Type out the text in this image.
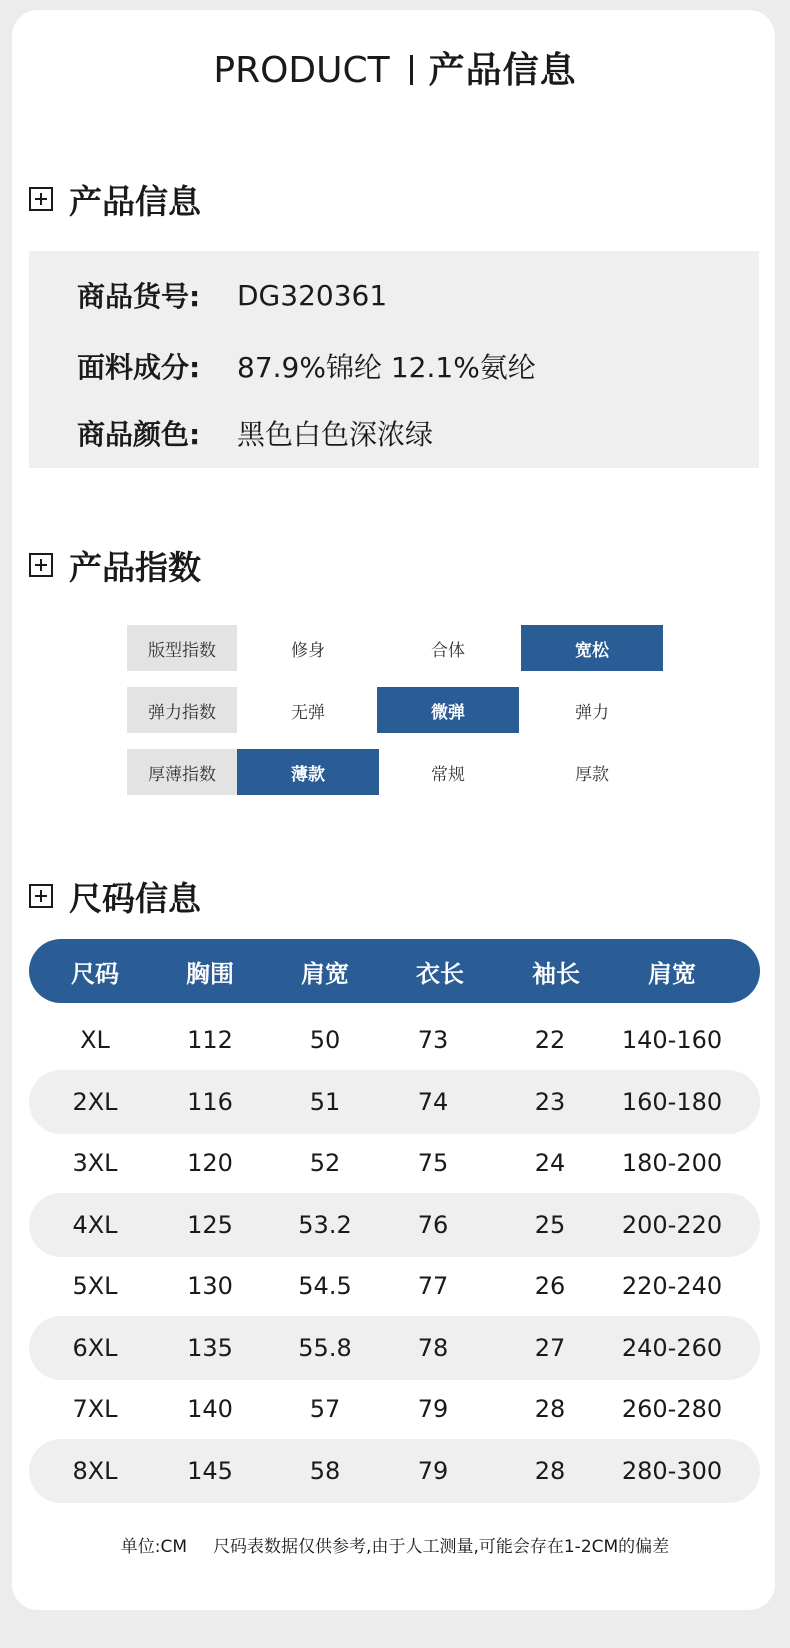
PRODUCT 产品信息
产品信息
商品货号:	DG320361
面料成分:	87.9%锦纶 12.1%氨纶
商品颜色:	黑色白色深浓绿
产品指数
版型指数	修身	合体	宽松
弹力指数	无弹	微弹	弹力
厚薄指数	薄款	常规	厚款
尺码信息
尺码	胸围	肩宽	衣长	袖长	肩宽
XL	112	50	73	22 140-160
2XL	116	51	74	23 160-180
3XL	120	52	75	24 180-200
4XL	125	53.2	76	25 200-220
5XL	130	54.5	77	26 220-240
6XL	135	55.8	78	27 240-260
7XL	140	57	79	28 260-280
8XL	145	58	79	28 280-300
单位:CM 尺码表数据仅供参考,由于人工测量,可能会存在1-2CM的偏差
